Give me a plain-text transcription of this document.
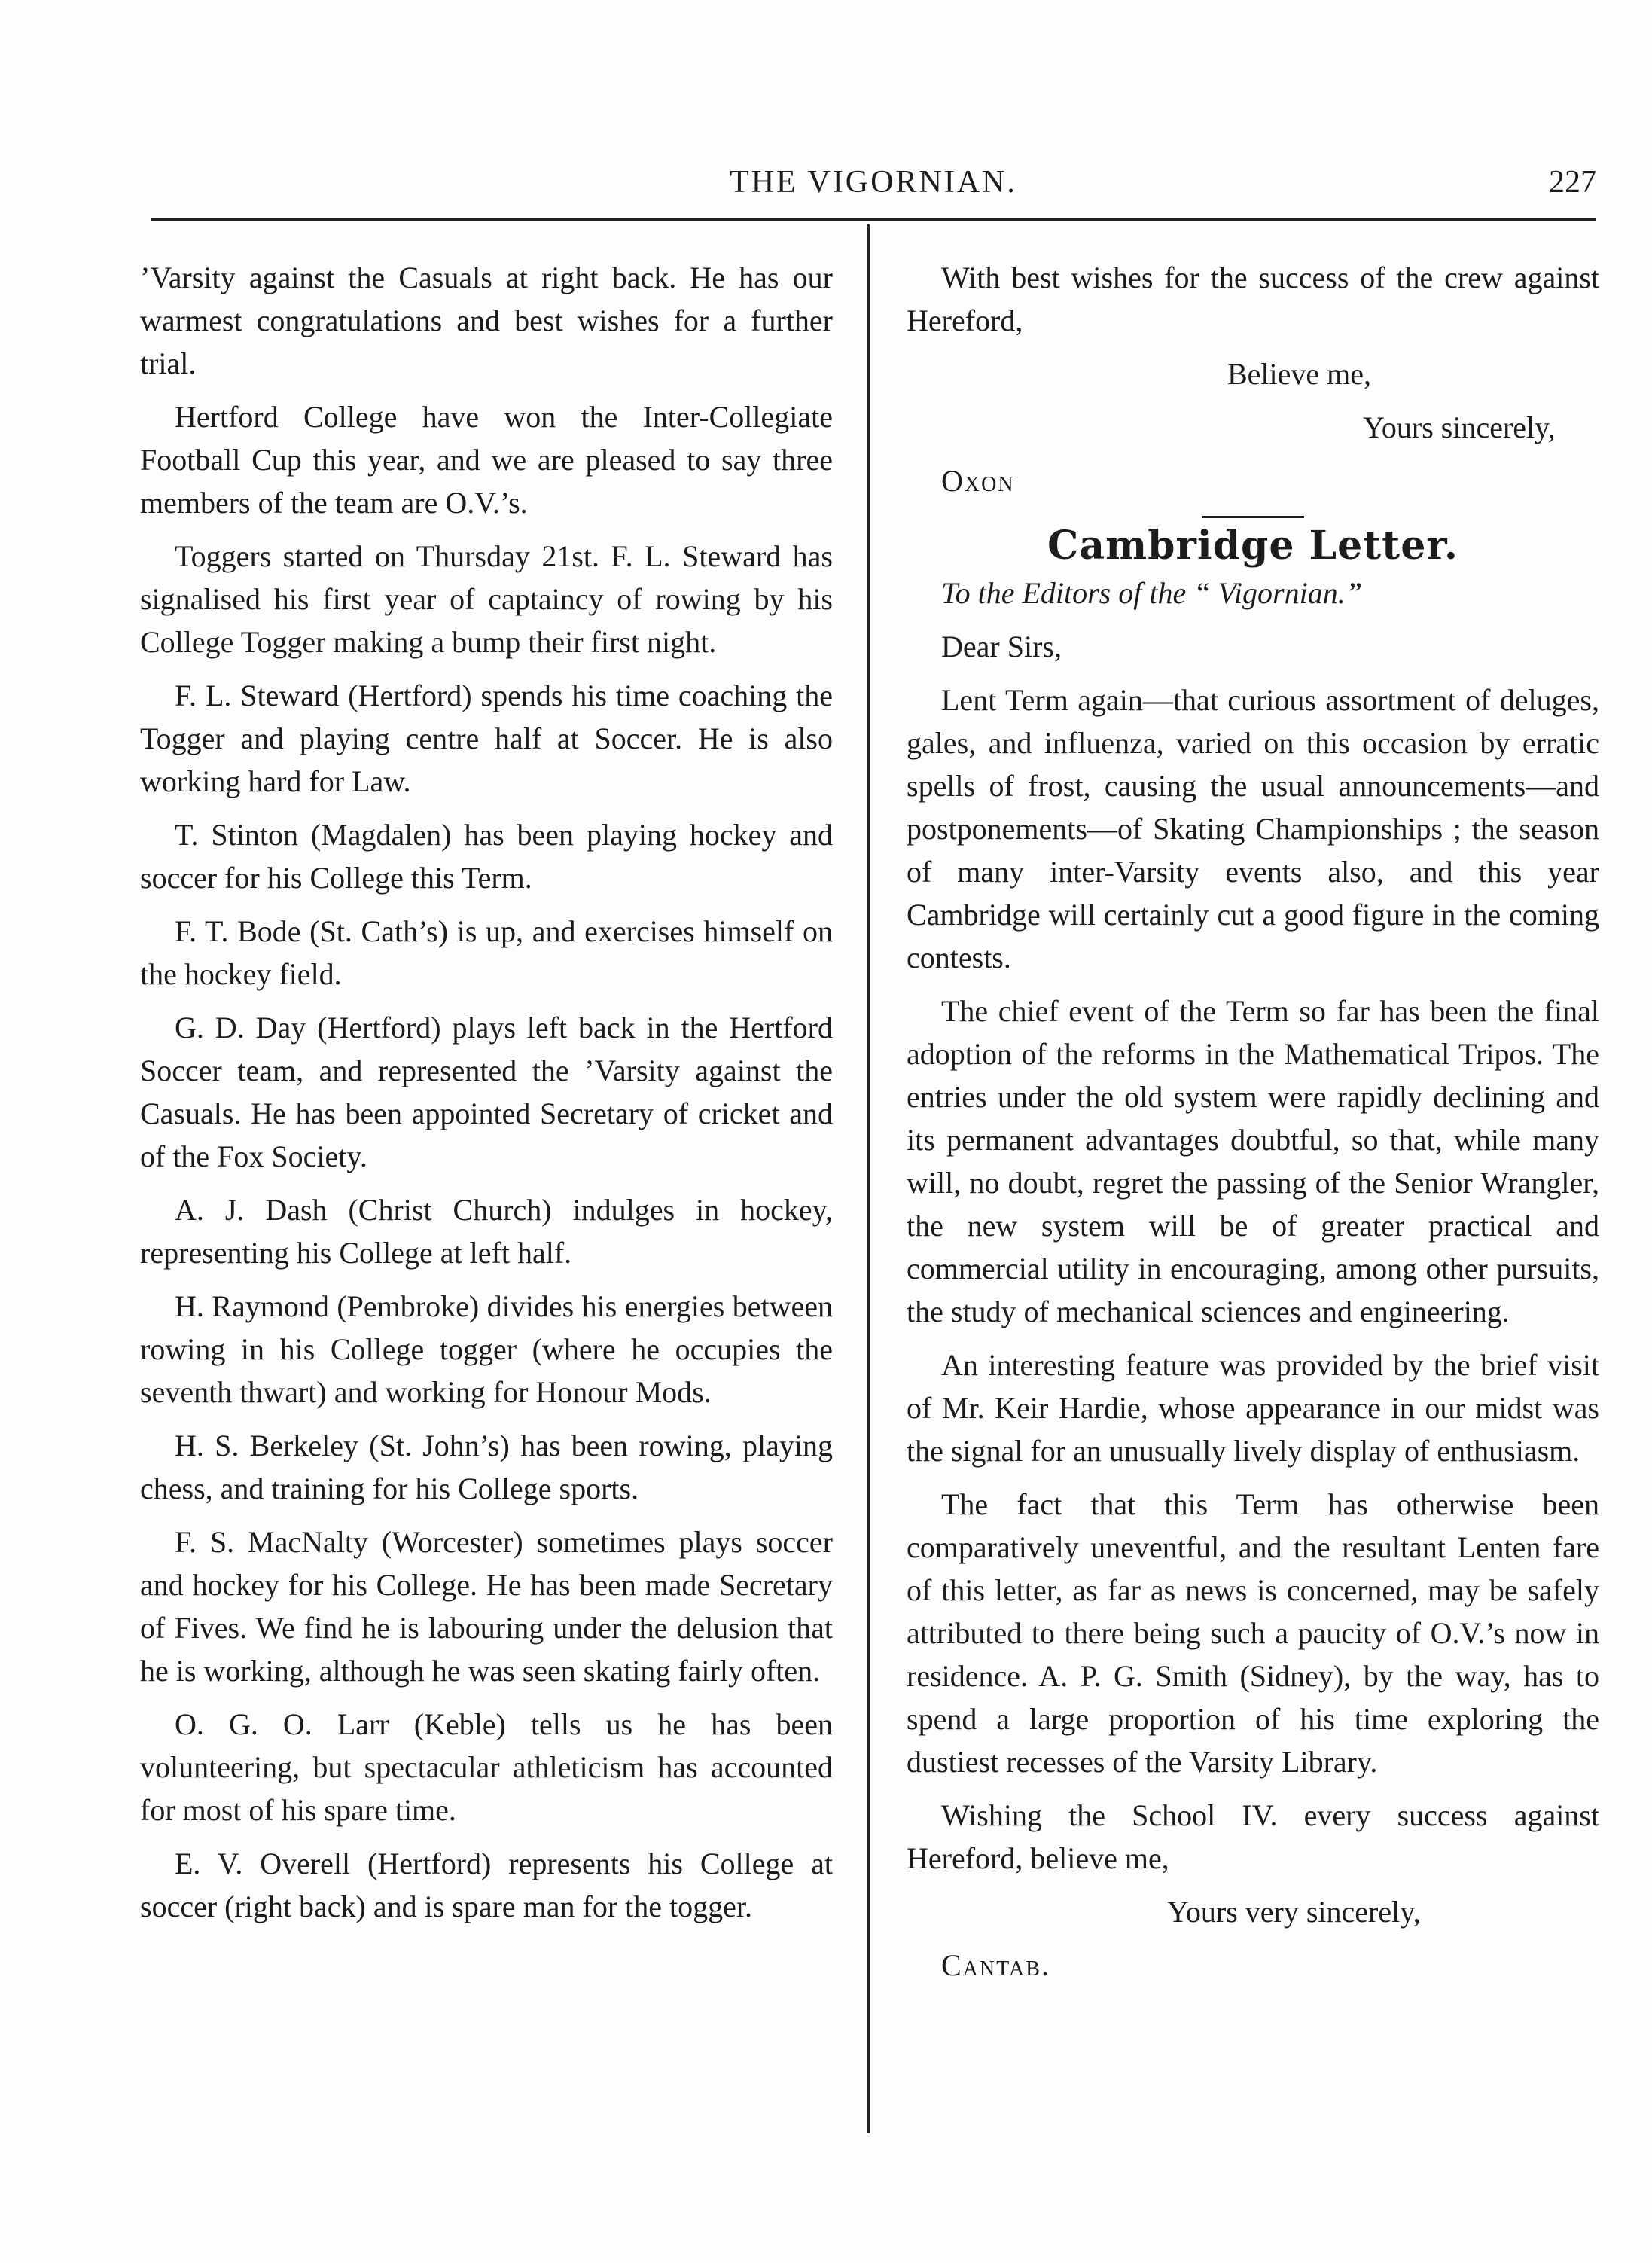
THE VIGORNIAN.	227

’Varsity against the Casuals at right back. He has our warmest congratulations and best wishes for a further trial.

Hertford College have won the Inter-Collegiate Football Cup this year, and we are pleased to say three members of the team are O.V.’s.

Toggers started on Thursday 21st. F. L. Steward has signalised his first year of captaincy of rowing by his College Togger making a bump their first night.

F. L. Steward (Hertford) spends his time coaching the Togger and playing centre half at Soccer. He is also working hard for Law.

T. Stinton (Magdalen) has been playing hockey and soccer for his College this Term.

F. T. Bode (St. Cath’s) is up, and exercises himself on the hockey field.

G. D. Day (Hertford) plays left back in the Hertford Soccer team, and represented the ’Varsity against the Casuals. He has been appointed Secretary of cricket and of the Fox Society.

A. J. Dash (Christ Church) indulges in hockey, representing his College at left half.

H. Raymond (Pembroke) divides his energies between rowing in his College togger (where he occupies the seventh thwart) and working for Honour Mods.

H. S. Berkeley (St. John’s) has been rowing, playing chess, and training for his College sports.

F. S. MacNalty (Worcester) sometimes plays soccer and hockey for his College. He has been made Secretary of Fives. We find he is labouring under the delusion that he is working, although he was seen skating fairly often.

O. G. O. Larr (Keble) tells us he has been volunteering, but spectacular athleticism has accounted for most of his spare time.

E. V. Overell (Hertford) represents his College at soccer (right back) and is spare man for the togger.

With best wishes for the success of the crew against Hereford,

Believe me,

Yours sincerely,

Oxon

Cambridge Letter.

To the Editors of the “ Vigornian.”

Dear Sirs,

Lent Term again—that curious assortment of deluges, gales, and influenza, varied on this occasion by erratic spells of frost, causing the usual announcements—and postponements—of Skating Championships ; the season of many inter-Varsity events also, and this year Cambridge will certainly cut a good figure in the coming contests.

The chief event of the Term so far has been the final adoption of the reforms in the Mathematical Tripos. The entries under the old system were rapidly declining and its permanent advantages doubtful, so that, while many will, no doubt, regret the passing of the Senior Wrangler, the new system will be of greater practical and commercial utility in encouraging, among other pursuits, the study of mechanical sciences and engineering.

An interesting feature was provided by the brief visit of Mr. Keir Hardie, whose appearance in our midst was the signal for an unusually lively display of enthusiasm.

The fact that this Term has otherwise been comparatively uneventful, and the resultant Lenten fare of this letter, as far as news is concerned, may be safely attributed to there being such a paucity of O.V.’s now in residence. A. P. G. Smith (Sidney), by the way, has to spend a large proportion of his time exploring the dustiest recesses of the Varsity Library.

Wishing the School IV. every success against Hereford, believe me,

Yours very sincerely,

Cantab.
